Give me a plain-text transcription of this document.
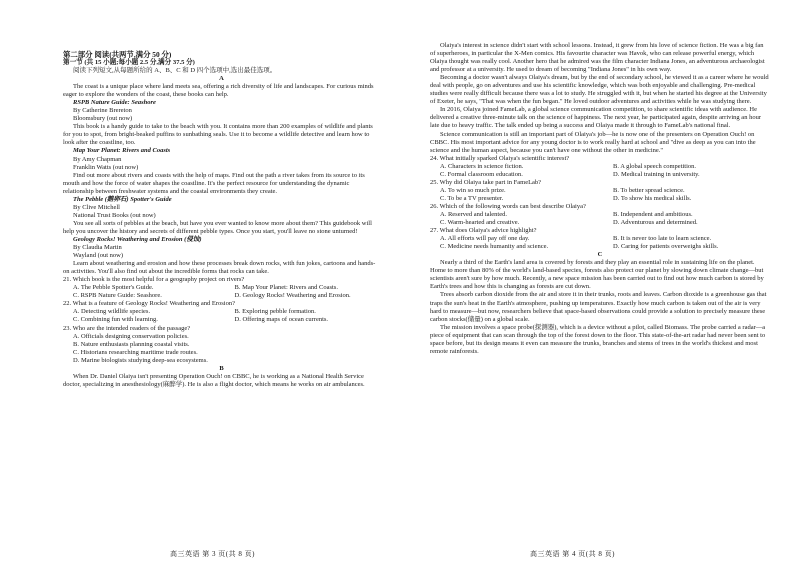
第二部分 阅读(共两节,满分 50 分)

第一节 (共 15 小题;每小题 2.5 分,满分 37.5 分)

阅读下列短文,从每题所给的 A、B、C 和 D 四个选项中,选出最佳选项。

A

The coast is a unique place where land meets sea, offering a rich diversity of life and landscapes. For curious minds eager to explore the wonders of the coast, these books can help.

RSPB Nature Guide: Seashore

By Catherine Brereton

Bloomsbury (out now)

This book is a handy guide to take to the beach with you. It contains more than 200 examples of wildlife and plants for you to spot, from bright-beaked puffins to sunbathing seals. Use it to become a wildlife detective and learn how to look after the coastline, too.

Map Your Planet: Rivers and Coasts

By Amy Chapman

Franklin Watts (out now)

Find out more about rivers and coasts with the help of maps. Find out the path a river takes from its source to its mouth and how the force of water shapes the coastline. It's the perfect resource for understanding the dynamic relationship between freshwater systems and the coastal environments they create.

The Pebble (鹅卵石) Spotter's Guide

By Clive Mitchell

National Trust Books (out now)

You see all sorts of pebbles at the beach, but have you ever wanted to know more about them? This guidebook will help you uncover the history and secrets of different pebble types. Once you start, you'll leave no stone unturned!

Geology Rocks! Weathering and Erosion (侵蚀)

By Claudia Martin

Wayland (out now)

Learn about weathering and erosion and how these processes break down rocks, with fun jokes, cartoons and hands-on activities. You'll also find out about the incredible forms that rocks can take.

21. Which book is the most helpful for a geography project on rivers?

A. The Pebble Spotter's Guide.	B. Map Your Planet: Rivers and Coasts.
C. RSPB Nature Guide: Seashore.	D. Geology Rocks! Weathering and Erosion.

22. What is a feature of Geology Rocks! Weathering and Erosion?

A. Detecting wildlife species.	B. Exploring pebble formation.
C. Combining fun with learning.	D. Offering maps of ocean currents.

23. Who are the intended readers of the passage?

A. Officials designing conservation policies.

B. Nature enthusiasts planning coastal visits.

C. Historians researching maritime trade routes.

D. Marine biologists studying deep-sea ecosystems.

B

When Dr. Daniel Olaiya isn't presenting Operation Ouch! on CBBC, he is working as a National Health Service doctor, specializing in anesthesiology(麻醉学). He is also a flight doctor, which means he works on air ambulances.

高三英语 第 3 页(共 8 页)

Olaiya's interest in science didn't start with school lessons. Instead, it grew from his love of science fiction. He was a big fan of superheroes, in particular the X-Men comics. His favourite character was Havok, who can release powerful energy, which Olaiya thought was really cool. Another hero that he admired was the film character Indiana Jones, an adventurous archaeologist and professor at a university. He used to dream of becoming "Indiana Jones" in his own way.

Becoming a doctor wasn't always Olaiya's dream, but by the end of secondary school, he viewed it as a career where he would deal with people, go on adventures and use his scientific knowledge, which was both enjoyable and challenging. Pre-medical studies were really difficult because there was a lot to study. He struggled with it, but when he started his degree at the University of Exeter, he says, "That was when the fun began." He loved outdoor adventures and activities while he was studying there.

In 2016, Olaiya joined FameLab, a global science communication competition, to share scientific ideas with audience. He delivered a creative three-minute talk on the science of happiness. The next year, he participated again, despite arriving an hour late due to heavy traffic. The talk ended up being a success and Olaiya made it through to FameLab's national final.

Science communication is still an important part of Olaiya's job—he is now one of the presenters on Operation Ouch! on CBBC. His most important advice for any young doctor is to work really hard at school and "dive as deep as you can into the science and the human aspect, because you can't have one without the other in medicine."

24. What initially sparked Olaiya's scientific interest?

A. Characters in science fiction.	B. A global speech competition.
C. Formal classroom education.	D. Medical training in university.

25. Why did Olaiya take part in FameLab?

A. To win so much prize.	B. To better spread science.
C. To be a TV presenter.	D. To show his medical skills.

26. Which of the following words can best describe Olaiya?

A. Reserved and talented.	B. Independent and ambitious.
C. Warm-hearted and creative.	D. Adventurous and determined.

27. What does Olaiya's advice highlight?

A. All efforts will pay off one day.	B. It is never too late to learn science.
C. Medicine needs humanity and science.	D. Caring for patients overweighs skills.

C

Nearly a third of the Earth's land area is covered by forests and they play an essential role in sustaining life on the planet. Home to more than 80% of the world's land-based species, forests also protect our planet by slowing down climate change—but scientists aren't sure by how much. Recently, a new space mission has been carried out to find out how much carbon is stored by Earth's trees and how this is changing as forests are cut down.

Trees absorb carbon dioxide from the air and store it in their trunks, roots and leaves. Carbon dioxide is a greenhouse gas that traps the sun's heat in the Earth's atmosphere, pushing up temperatures. Exactly how much carbon is taken out of the air is very hard to measure—but now, researchers believe that space-based observations could provide a solution to precisely measure these carbon stocks(储量) on a global scale.

The mission involves a space probe(探测器), which is a device without a pilot, called Biomass. The probe carried a radar—a piece of equipment that can scan through the top of the forest down to the floor. This state-of-the-art radar had never been sent to space before, but its design means it even can measure the trunks, branches and stems of trees in the world's thickest and most remote rainforests.

高三英语 第 4 页(共 8 页)
